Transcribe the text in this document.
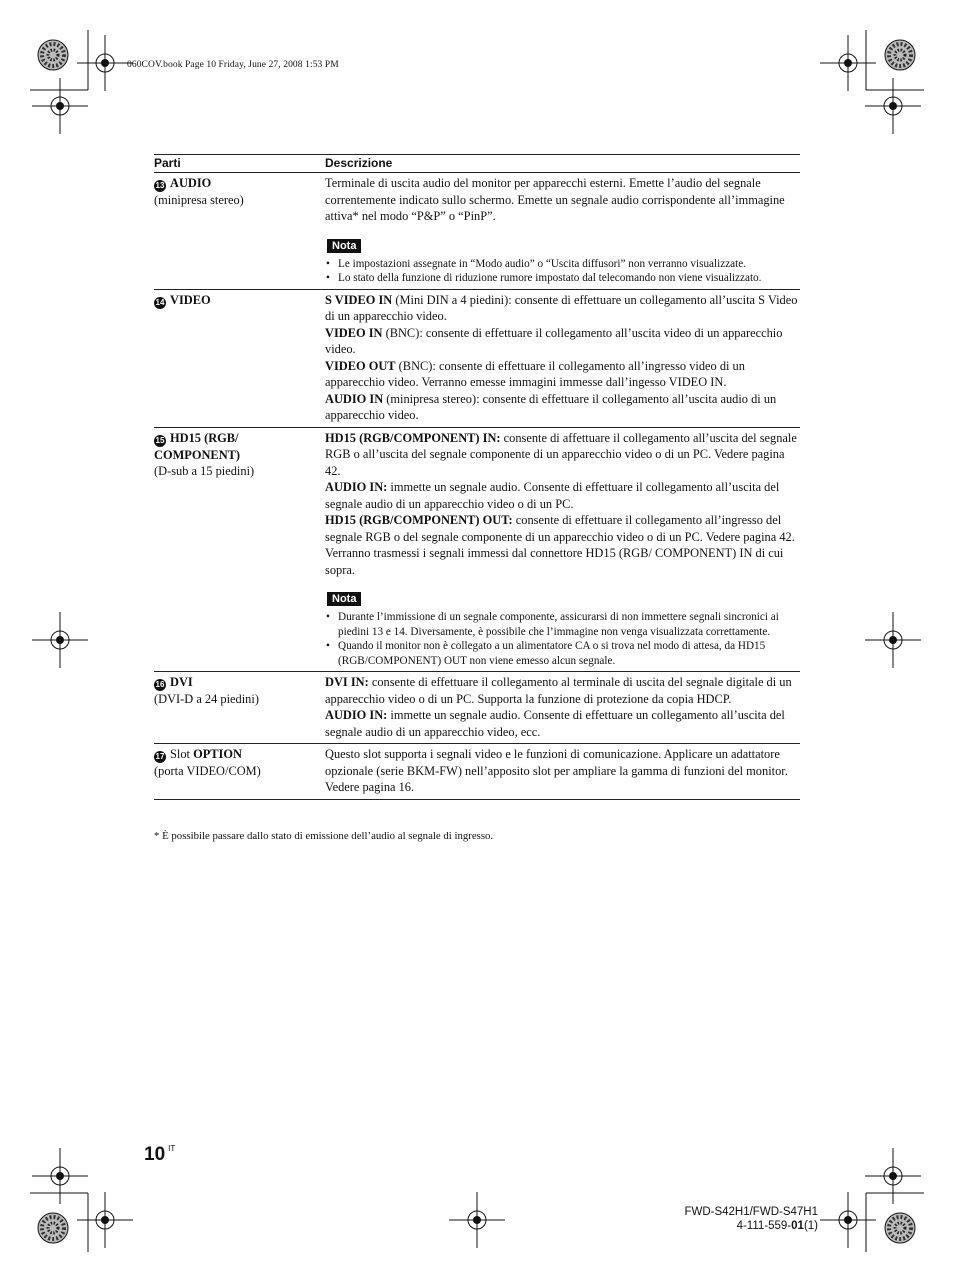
060COV.book Page 10 Friday, June 27, 2008 1:53 PM
Parti	Descrizione
13 AUDIO
(minipresa stereo)
Terminale di uscita audio del monitor per apparecchi esterni. Emette l’audio del segnale correntemente indicato sullo schermo. Emette un segnale audio corrispondente all’immagine attiva* nel modo “P&P” o “PinP”.
Nota
• Le impostazioni assegnate in “Modo audio” o “Uscita diffusori” non verranno visualizzate.
• Lo stato della funzione di riduzione rumore impostato dal telecomando non viene visualizzato.
14 VIDEO	S VIDEO IN (Mini DIN a 4 piedini): consente di effettuare un collegamento all’uscita S Video di un apparecchio video.
VIDEO IN (BNC): consente di effettuare il collegamento all’uscita video di un apparecchio video.
VIDEO OUT (BNC): consente di effettuare il collegamento all’ingresso video di un apparecchio video. Verranno emesse immagini immesse dall’ingesso VIDEO IN.
AUDIO IN (minipresa stereo): consente di effettuare il collegamento all’uscita audio di un apparecchio video.
15 HD15 (RGB/
COMPONENT)
(D-sub a 15 piedini)
HD15 (RGB/COMPONENT) IN: consente di affettuare il collegamento all’uscita del segnale RGB o all’uscita del segnale componente di un apparecchio video o di un PC. Vedere pagina 42.
AUDIO IN: immette un segnale audio. Consente di effettuare il collegamento all’uscita del segnale audio di un apparecchio video o di un PC.
HD15 (RGB/COMPONENT) OUT: consente di effettuare il collegamento all’ingresso del segnale RGB o del segnale componente di un apparecchio video o di un PC. Vedere pagina 42. Verranno trasmessi i segnali immessi dal connettore HD15 (RGB/ COMPONENT) IN di cui sopra.
Nota
• Durante l’immissione di un segnale componente, assicurarsi di non immettere segnali sincronici ai piedini 13 e 14. Diversamente, è possibile che l’immagine non venga visualizzata correttamente.
• Quando il monitor non è collegato a un alimentatore CA o si trova nel modo di attesa, da HD15 (RGB/COMPONENT) OUT non viene emesso alcun segnale.
16 DVI
(DVI-D a 24 piedini)
DVI IN: consente di effettuare il collegamento al terminale di uscita del segnale digitale di un apparecchio video o di un PC. Supporta la funzione di protezione da copia HDCP.
AUDIO IN: immette un segnale audio. Consente di effettuare un collegamento all’uscita del segnale audio di un apparecchio video, ecc.
17 Slot OPTION
(porta VIDEO/COM)
Questo slot supporta i segnali video e le funzioni di comunicazione. Applicare un adattatore opzionale (serie BKM-FW) nell’apposito slot per ampliare la gamma di funzioni del monitor. Vedere pagina 16.
* È possibile passare dallo stato di emissione dell’audio al segnale di ingresso.
10 $^{IT}$
FWD-S42H1/FWD-S47H1
4-111-559-01(1)
